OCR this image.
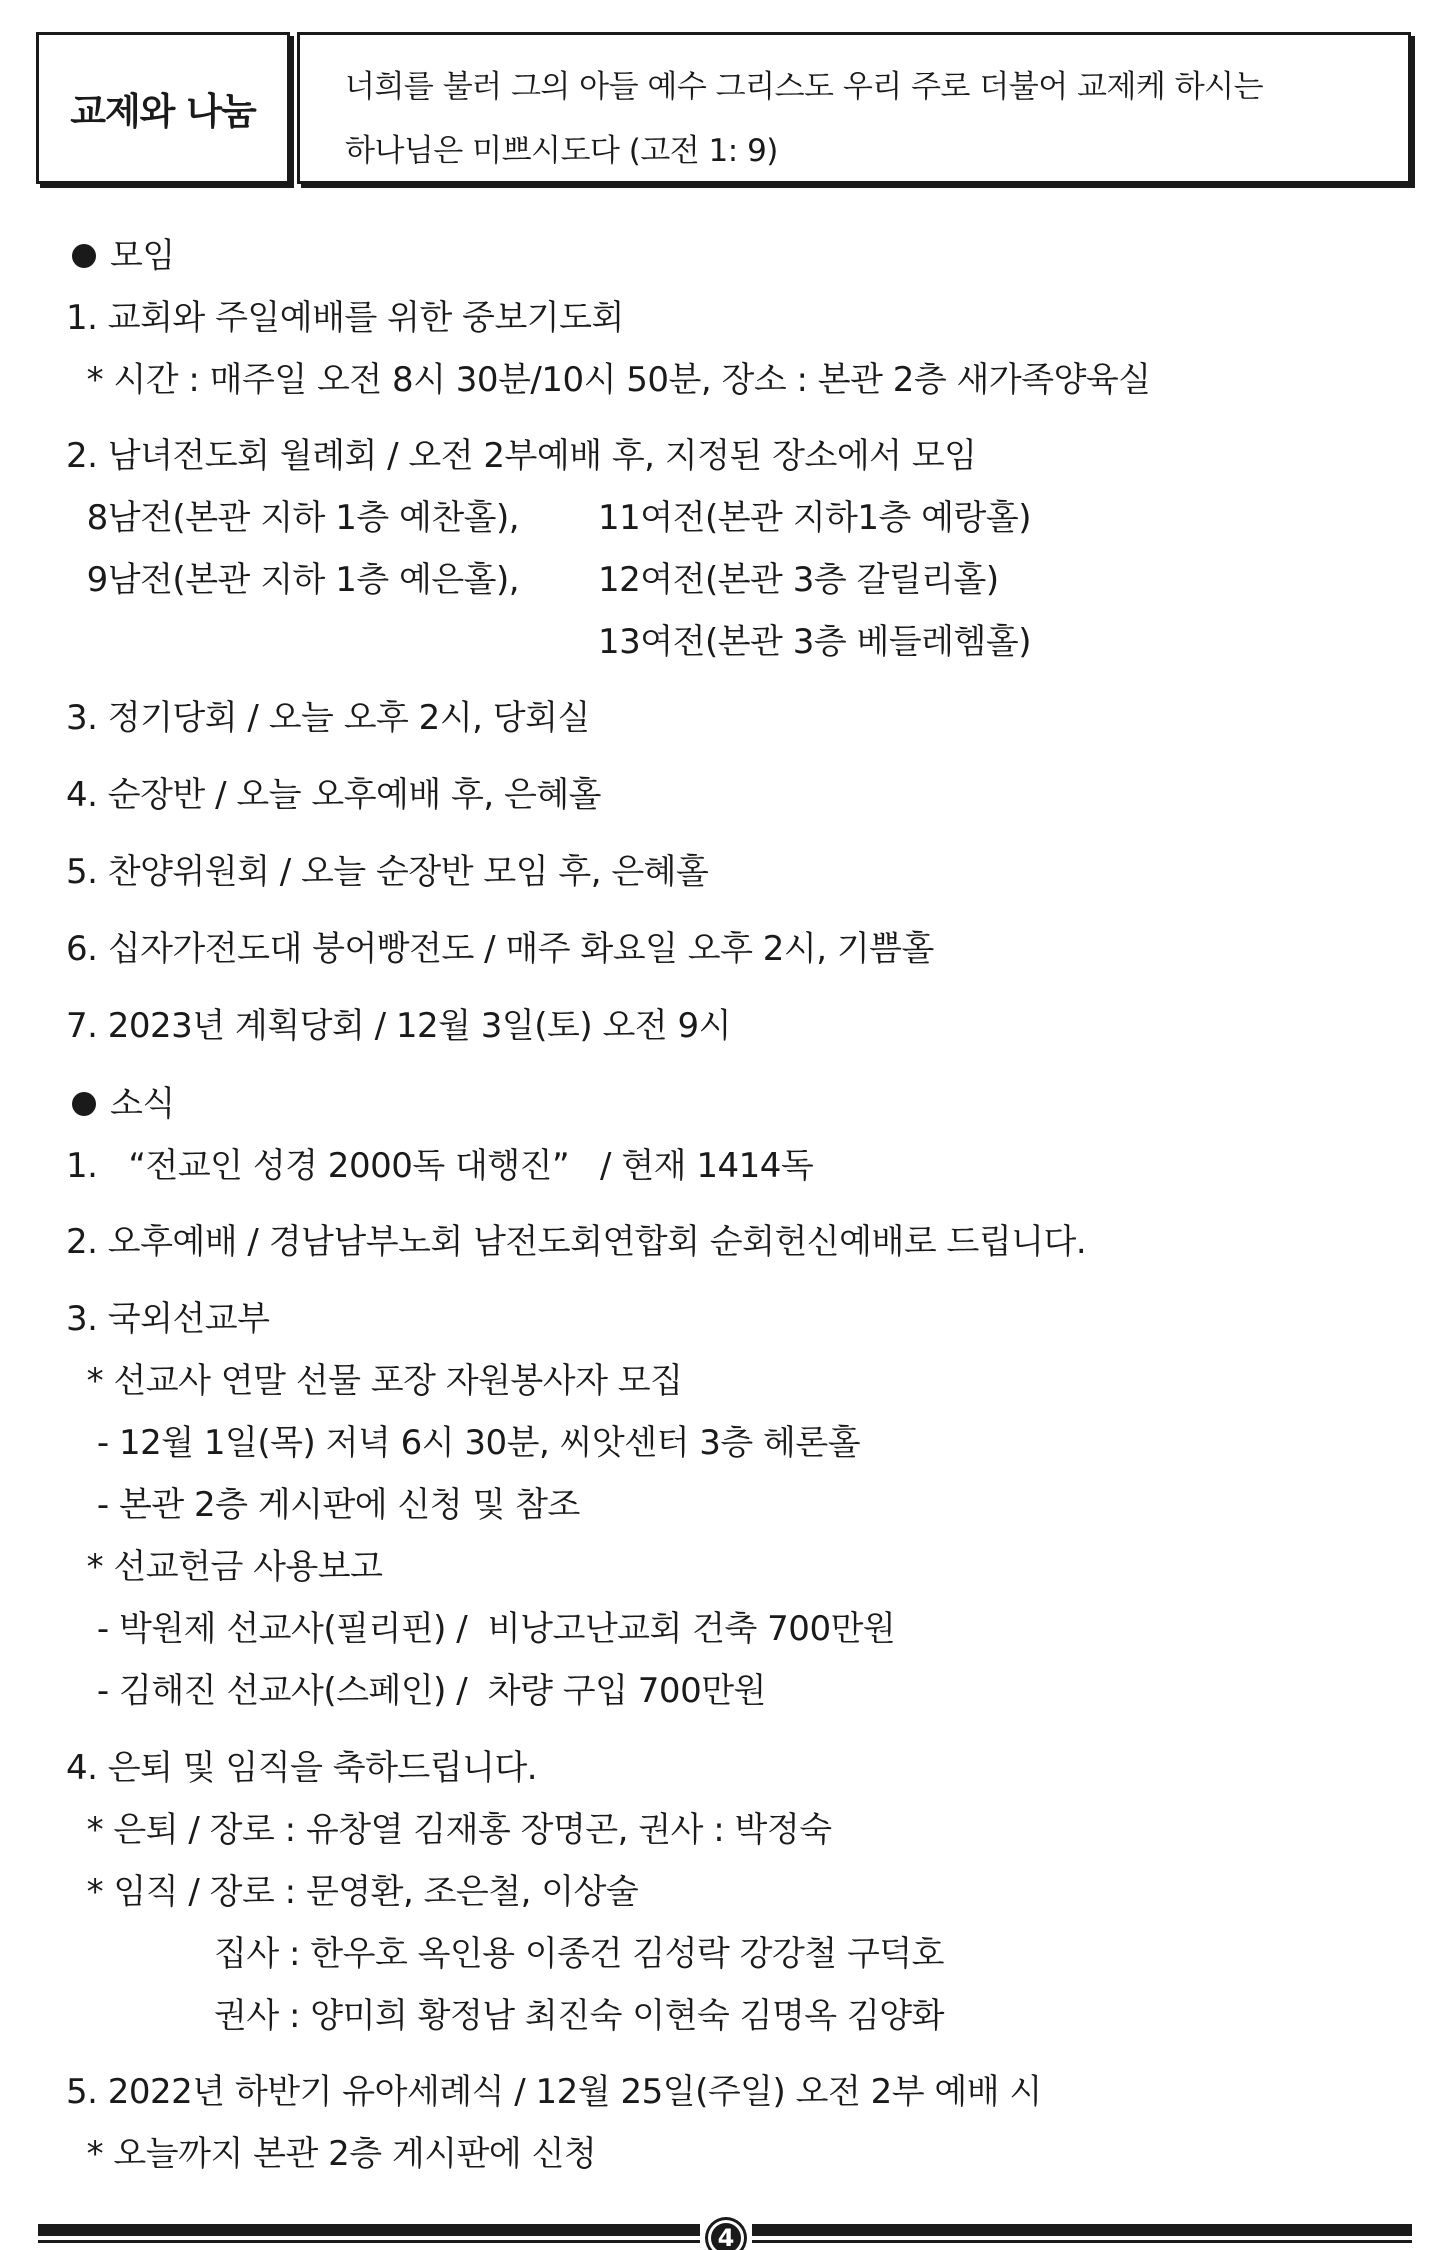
교제와 나눔
너희를 불러 그의 아들 예수 그리스도 우리 주로 더불어 교제케 하시는
하나님은 미쁘시도다 (고전 1: 9)
모임
1. 교회와 주일예배를 위한 중보기도회
* 시간 : 매주일 오전 8시 30분/10시 50분, 장소 : 본관 2층 새가족양육실
2. 남녀전도회 월례회 / 오전 2부예배 후, 지정된 장소에서 모임
8남전(본관 지하 1층 예찬홀), 11여전(본관 지하1층 예랑홀)
9남전(본관 지하 1층 예은홀), 12여전(본관 3층 갈릴리홀)
13여전(본관 3층 베들레헴홀)
3. 정기당회 / 오늘 오후 2시, 당회실
4. 순장반 / 오늘 오후예배 후, 은혜홀
5. 찬양위원회 / 오늘 순장반 모임 후, 은혜홀
6. 십자가전도대 붕어빵전도 / 매주 화요일 오후 2시, 기쁨홀
7. 2023년 계획당회 / 12월 3일(토) 오전 9시
소식
1.   “전교인 성경 2000독 대행진”   / 현재 1414독
2. 오후예배 / 경남남부노회 남전도회연합회 순회헌신예배로 드립니다.
3. 국외선교부
* 선교사 연말 선물 포장 자원봉사자 모집
- 12월 1일(목) 저녁 6시 30분, 씨앗센터 3층 헤론홀
- 본관 2층 게시판에 신청 및 참조
* 선교헌금 사용보고
- 박원제 선교사(필리핀) /  비낭고난교회 건축 700만원
- 김해진 선교사(스페인) /  차량 구입 700만원
4. 은퇴 및 임직을 축하드립니다.
* 은퇴 / 장로 : 유창열 김재홍 장명곤, 권사 : 박정숙
* 임직 / 장로 : 문영환, 조은철, 이상술
집사 : 한우호 옥인용 이종건 김성락 강강철 구덕호
권사 : 양미희 황정남 최진숙 이현숙 김명옥 김양화
5. 2022년 하반기 유아세례식 / 12월 25일(주일) 오전 2부 예배 시
* 오늘까지 본관 2층 게시판에 신청
4
